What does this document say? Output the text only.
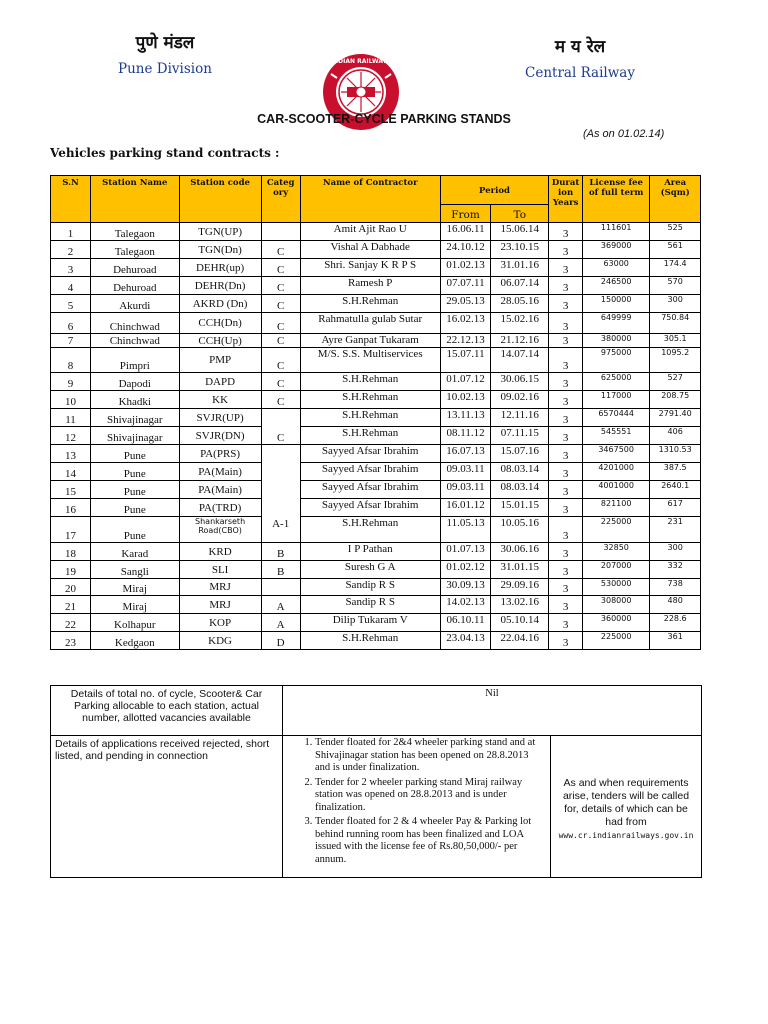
पुणे मंडल
Pune Division	INDIAN RAILWAYS
म य रेल
Central Railway
CAR-SCOOTER-CYCLE PARKING STANDS
(As on 01.02.14)
Vehicles parking stand contracts :
S.N	Station Name	Station code	Categ ory	Name of Contractor	Period		Durat ion Years	License fee of full term	Area (Sqm)
					From	To			
1	Talegaon	TGN(UP)		Amit Ajit Rao U	16.06.11	15.06.14	3	111601	525
2	Talegaon	TGN(Dn)	C	Vishal A Dabhade	24.10.12	23.10.15	3	369000	561
3	Dehuroad	DEHR(up)	C	Shri. Sanjay K R P S	01.02.13	31.01.16	3	63000	174.4
4	Dehuroad	DEHR(Dn)	C	Ramesh P	07.07.11	06.07.14	3	246500	570
5	Akurdi	AKRD (Dn)	C	S.H.Rehman	29.05.13	28.05.16	3	150000	300
6	Chinchwad	CCH(Dn)	C	Rahmatulla gulab Sutar	16.02.13	15.02.16	3	649999	750.84
7	Chinchwad	CCH(Up)	C	Ayre Ganpat Tukaram	22.12.13	21.12.16	3	380000	305.1
8	Pimpri	PMP	C	M/S. S.S. Multiservices	15.07.11	14.07.14	3	975000	1095.2
9	Dapodi	DAPD	C	S.H.Rehman	01.07.12	30.06.15	3	625000	527
10	Khadki	KK	C	S.H.Rehman	10.02.13	09.02.16	3	117000	208.75
11	Shivajinagar	SVJR(UP)	C	S.H.Rehman	13.11.13	12.11.16	3	6570444	2791.40
12	Shivajinagar	SVJR(DN)		S.H.Rehman	08.11.12	07.11.15	3	545551	406
13	Pune	PA(PRS)	A-1	Sayyed Afsar Ibrahim	16.07.13	15.07.16	3	3467500	1310.53
14	Pune	PA(Main)		Sayyed Afsar Ibrahim	09.03.11	08.03.14	3	4201000	387.5
15	Pune	PA(Main)		Sayyed Afsar Ibrahim	09.03.11	08.03.14	3	4001000	2640.1
16	Pune	PA(TRD)		Sayyed Afsar Ibrahim	16.01.12	15.01.15	3	821100	617
17	Pune	Shankarseth Road(CBO)		S.H.Rehman	11.05.13	10.05.16	3	225000	231
18	Karad	KRD	B	I P Pathan	01.07.13	30.06.16	3	32850	300
19	Sangli	SLI	B	Suresh G A	01.02.12	31.01.15	3	207000	332
20	Miraj	MRJ		Sandip R S	30.09.13	29.09.16	3	530000	738
21	Miraj	MRJ	A	Sandip R S	14.02.13	13.02.16	3	308000	480
22	Kolhapur	KOP	A	Dilip Tukaram V	06.10.11	05.10.14	3	360000	228.6
23	Kedgaon	KDG	D	S.H.Rehman	23.04.13	22.04.16	3	225000	361
Details of total no. of cycle, Scooter& Car Parking allocable to each station, actual number, allotted vacancies available	Nil
Details of applications received rejected, short listed, and pending in connection	
1. Tender floated for 2&4 wheeler parking stand and at Shivajinagar station has been opened on 28.8.2013 and is under finalization.
2. Tender for 2 wheeler parking stand Miraj railway station was opened on 28.8.2013 and is under finalization.
3. Tender floated for 2 & 4 wheeler Pay & Parking lot behind running room has been finalized and LOA issued with the license fee of Rs.80,50,000/- per annum.

As and when requirements arise, tenders will be called for, details of which can be had from
www.cr.indianrailways.gov.in
